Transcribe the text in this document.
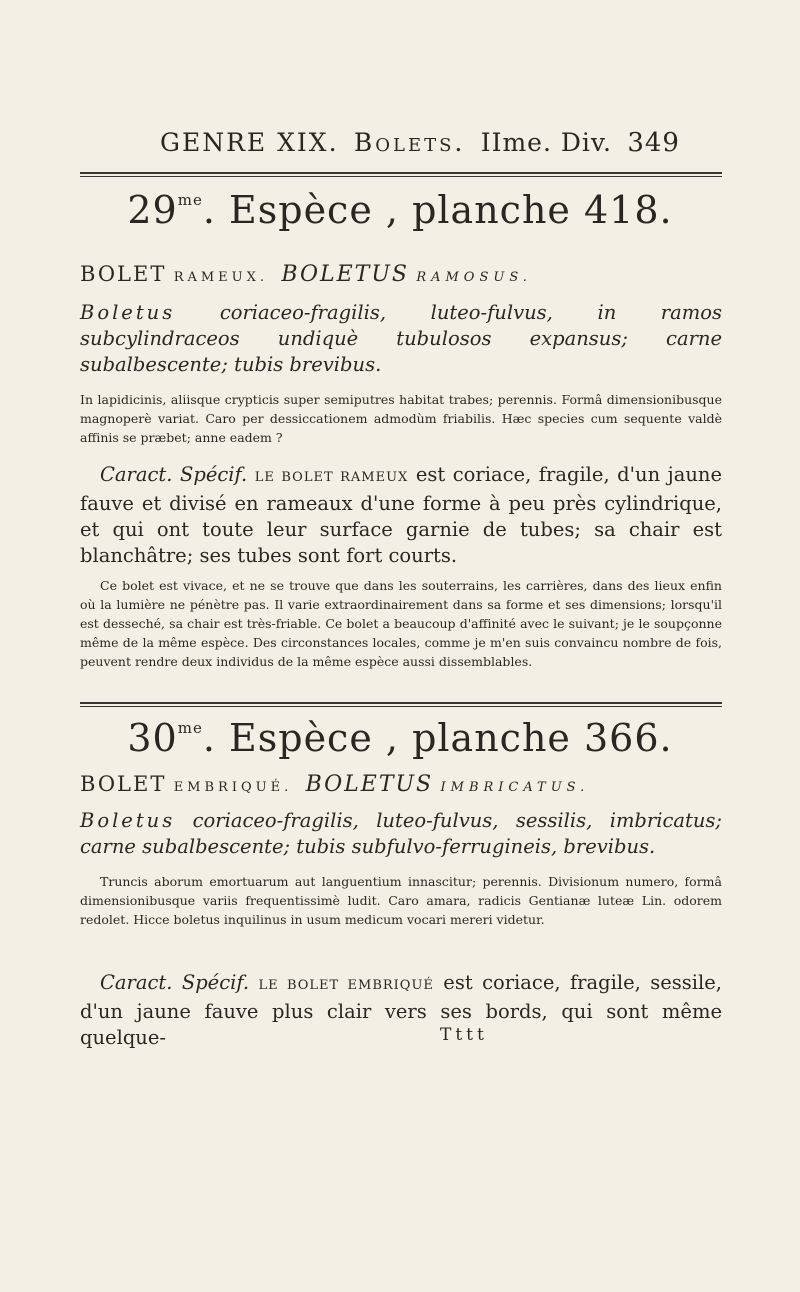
GENRE XIX. Bolets. IIme. Div. 349
$29^{me}$. Espèce , planche 418.
BOLET RAMEUX. BOLETUS RAMOSUS.
Boletus coriaceo-fragilis, luteo-fulvus, in ramos subcylindraceos undiquè tubulosos expansus; carne subalbescente; tubis brevibus.

In lapidicinis, aliisque crypticis super semiputres habitat trabes; perennis. Formâ dimensionibusque magnoperè variat. Caro per dessiccationem admodùm friabilis. Hæc species cum sequente valdè affinis se præbet; anne eadem ?

Caract. Spécif. LE BOLET RAMEUX est coriace, fragile, d'un jaune fauve et divisé en rameaux d'une forme à peu près cylindrique, et qui ont toute leur surface garnie de tubes; sa chair est blanchâtre; ses tubes sont fort courts.

Ce bolet est vivace, et ne se trouve que dans les souterrains, les carrières, dans des lieux enfin où la lumière ne pénètre pas. Il varie extraordinairement dans sa forme et ses dimensions; lorsqu'il est desseché, sa chair est très-friable. Ce bolet a beaucoup d'affinité avec le suivant; je le soupçonne même de la même espèce. Des circonstances locales, comme je m'en suis convaincu nombre de fois, peuvent rendre deux individus de la même espèce aussi dissemblables.

$30^{me}$. Espèce , planche 366.
BOLET EMBRIQUÉ. BOLETUS IMBRICATUS.
Boletus coriaceo-fragilis, luteo-fulvus, sessilis, imbricatus; carne subalbescente; tubis subfulvo-ferrugineis, brevibus.

Truncis aborum emortuarum aut languentium innascitur; perennis. Divisionum numero, formâ dimensionibusque variis frequentissimè ludit. Caro amara, radicis Gentianæ luteæ Lin. odorem redolet. Hicce boletus inquilinus in usum medicum vocari mereri videtur.

Caract. Spécif. LE BOLET EMBRIQUÉ est coriace, fragile, sessile, d'un jaune fauve plus clair vers ses bords, qui sont même quelque-	Tttt
